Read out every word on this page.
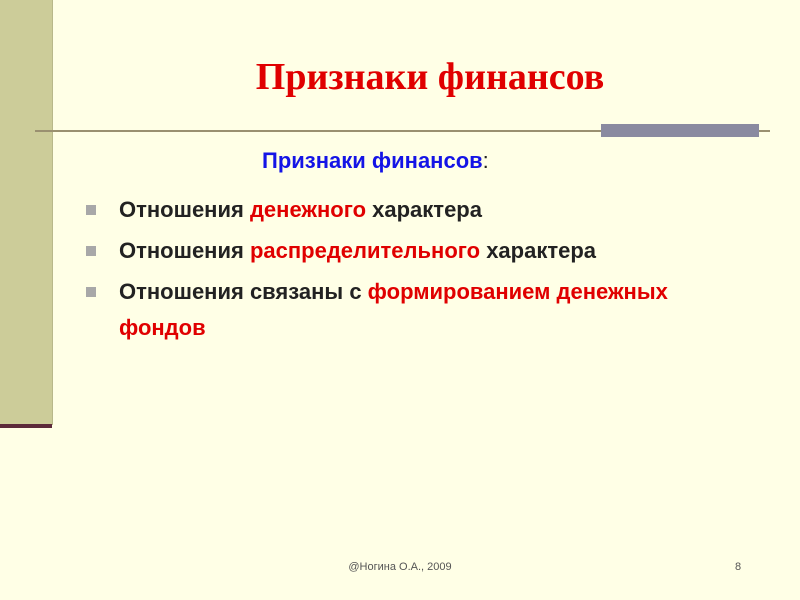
Признаки финансов
Признаки финансов:
Отношения денежного характера
Отношения распределительного характера
Отношения связаны с формированием денежных фондов
@Ногина О.А., 2009	8
